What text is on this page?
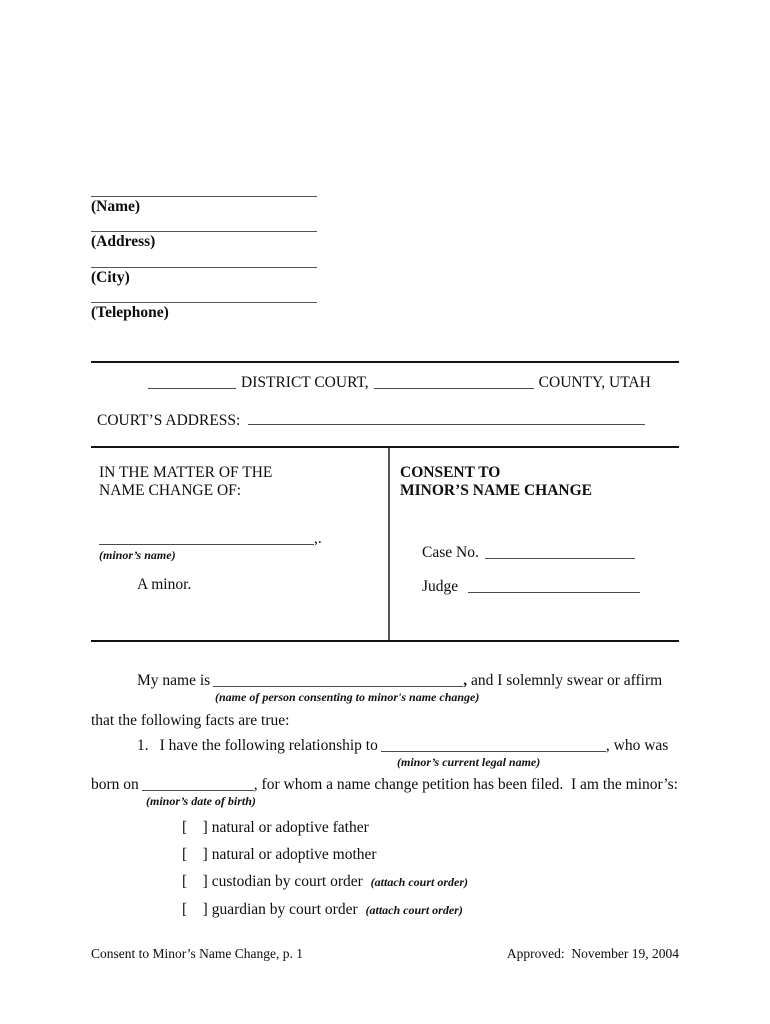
(Name)
(Address)
(City)
(Telephone)
DISTRICT COURT,	COUNTY, UTAH
COURT’S ADDRESS:
IN THE MATTER OF THE
NAME CHANGE OF:
,.
(minor’s name)
A minor.
CONSENT TO
MINOR’S NAME CHANGE
Case No.
Judge
My name is	, and I solemnly swear or affirm
(name of person consenting to minor's name change)
that the following facts are true:
1. I have the following relationship to	, who was
(minor’s current legal name)
born on	, for whom a name change petition has been filed.  I am the minor’s:
(minor’s date of birth)
[    ] natural or adoptive father
[    ] natural or adoptive mother
[    ] custodian by court order (attach court order)
[    ] guardian by court order (attach court order)
Consent to Minor’s Name Change, p. 1	Approved:  November 19, 2004
